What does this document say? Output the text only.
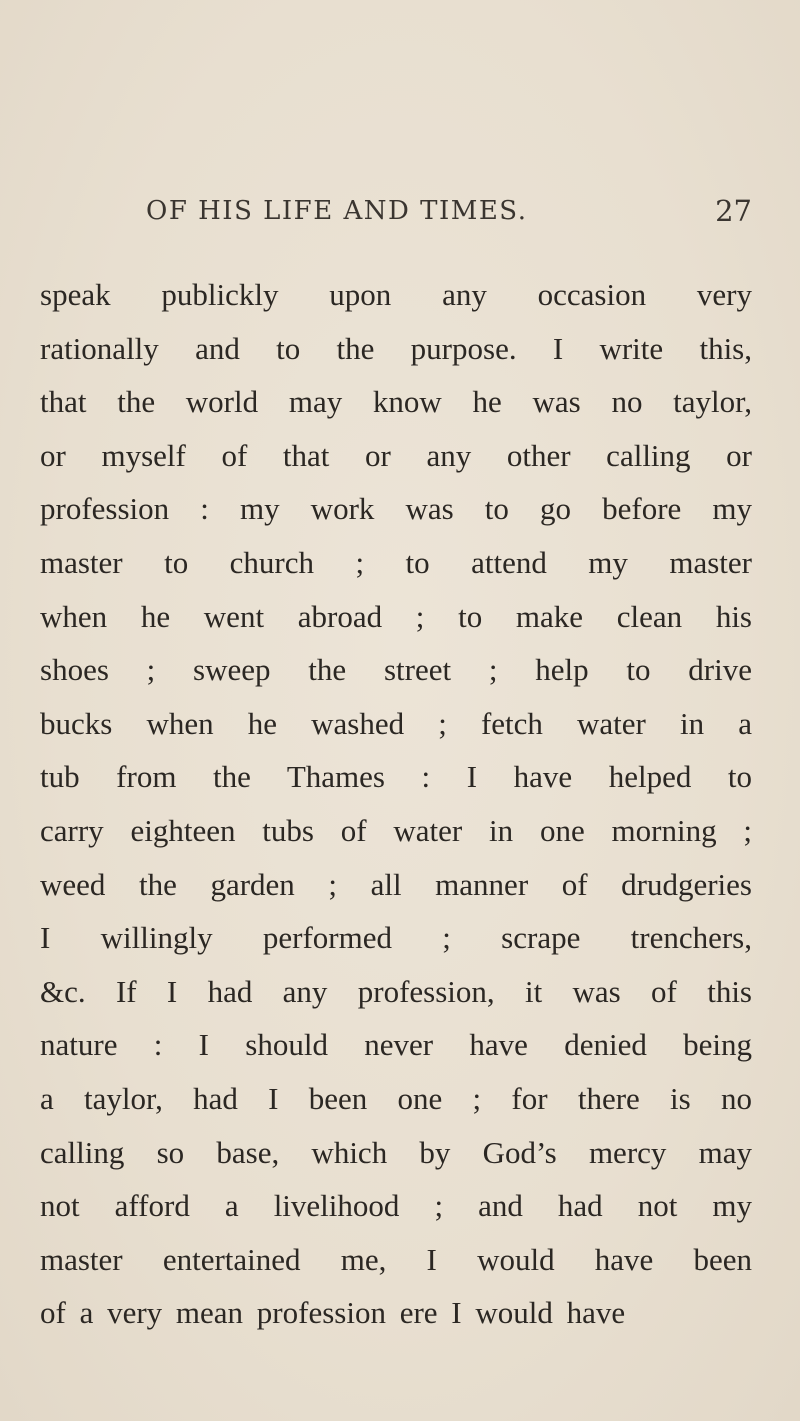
OF HIS LIFE AND TIMES.	27
speak publickly upon any occasion very
rationally and to the purpose. I write this,
that the world may know he was no taylor,
or myself of that or any other calling or
profession : my work was to go before my
master to church ; to attend my master
when he went abroad ; to make clean his
shoes ; sweep the street ; help to drive
bucks when he washed ; fetch water in a
tub from the Thames : I have helped to
carry eighteen tubs of water in one morning ;
weed the garden ; all manner of drudgeries
I willingly performed ; scrape trenchers,
&c. If I had any profession, it was of this
nature : I should never have denied being
a taylor, had I been one ; for there is no
calling so base, which by God’s mercy may
not afford a livelihood ; and had not my
master entertained me, I would have been
of a very mean profession ere I would have
